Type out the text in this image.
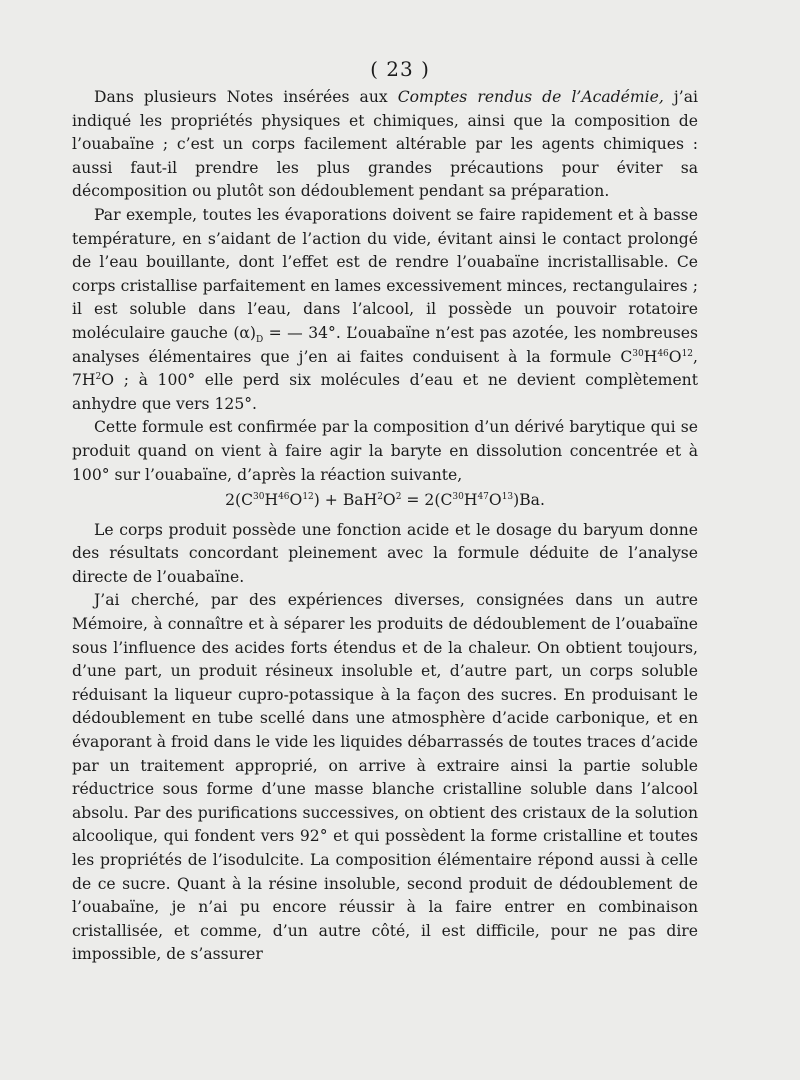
( 23 )

Dans plusieurs Notes insérées aux Comptes rendus de l’Académie, j’ai indiqué les propriétés physiques et chimiques, ainsi que la composition de l’ouabaïne ; c’est un corps facilement altérable par les agents chimiques : aussi faut-il prendre les plus grandes précautions pour éviter sa décomposition ou plutôt son dédoublement pendant sa préparation.

Par exemple, toutes les évaporations doivent se faire rapidement et à basse température, en s’aidant de l’action du vide, évitant ainsi le contact prolongé de l’eau bouillante, dont l’effet est de rendre l’ouabaïne incristallisable. Ce corps cristallise parfaitement en lames excessivement minces, rectangulaires ; il est soluble dans l’eau, dans l’alcool, il possède un pouvoir rotatoire moléculaire gauche $(\alpha)_D$ = — 34°. L’ouabaïne n’est pas azotée, les nombreuses analyses élémentaires que j’en ai faites conduisent à la formule $C^{30}H^{46}O^{12}$, $7H^2O$ ; à 100° elle perd six molécules d’eau et ne devient complètement anhydre que vers 125°.

Cette formule est confirmée par la composition d’un dérivé barytique qui se produit quand on vient à faire agir la baryte en dissolution concentrée et à 100° sur l’ouabaïne, d’après la réaction suivante,

$2(C^{30}H^{46}O^{12}) + BaH^2O^2 = 2(C^{30}H^{47}O^{13})Ba$.

Le corps produit possède une fonction acide et le dosage du baryum donne des résultats concordant pleinement avec la formule déduite de l’analyse directe de l’ouabaïne.

J’ai cherché, par des expériences diverses, consignées dans un autre Mémoire, à connaître et à séparer les produits de dédoublement de l’ouabaïne sous l’influence des acides forts étendus et de la chaleur. On obtient toujours, d’une part, un produit résineux insoluble et, d’autre part, un corps soluble réduisant la liqueur cupro-potassique à la façon des sucres. En produisant le dédoublement en tube scellé dans une atmosphère d’acide carbonique, et en évaporant à froid dans le vide les liquides débarrassés de toutes traces d’acide par un traitement approprié, on arrive à extraire ainsi la partie soluble réductrice sous forme d’une masse blanche cristalline soluble dans l’alcool absolu. Par des purifications successives, on obtient des cristaux de la solution alcoolique, qui fondent vers 92° et qui possèdent la forme cristalline et toutes les propriétés de l’isodulcite. La composition élémentaire répond aussi à celle de ce sucre. Quant à la résine insoluble, second produit de dédoublement de l’ouabaïne, je n’ai pu encore réussir à la faire entrer en combinaison cristallisée, et comme, d’un autre côté, il est difficile, pour ne pas dire impossible, de s’assurer
